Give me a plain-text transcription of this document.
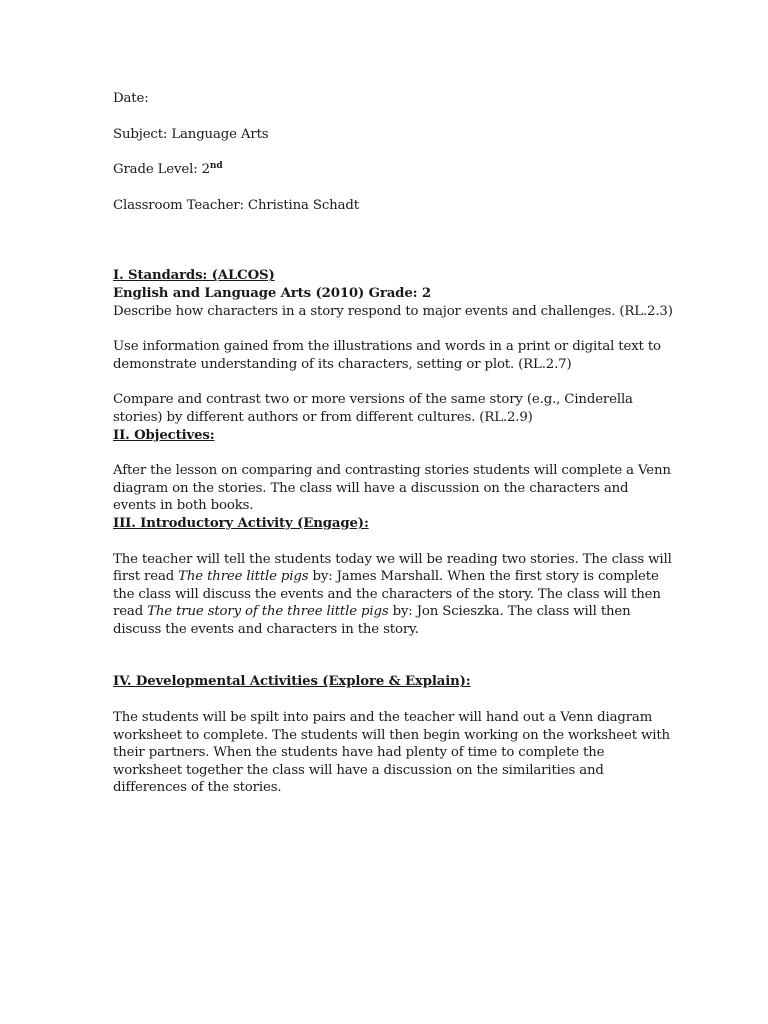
Date:

Subject: Language Arts

Grade Level: 2nd

Classroom Teacher: Christina Schadt

I. Standards: (ALCOS)

English and Language Arts (2010) Grade: 2

Describe how characters in a story respond to major events and challenges. (RL.2.3)

Use information gained from the illustrations and words in a print or digital text to demonstrate understanding of its characters, setting or plot. (RL.2.7)

Compare and contrast two or more versions of the same story (e.g., Cinderella stories) by different authors or from different cultures. (RL.2.9)

II. Objectives:

After the lesson on comparing and contrasting stories students will complete a Venn diagram on the stories. The class will have a discussion on the characters and events in both books.

III. Introductory Activity (Engage):

The teacher will tell the students today we will be reading two stories. The class will first read The three little pigs by: James Marshall. When the first story is complete the class will discuss the events and the characters of the story. The class will then read The true story of the three little pigs by: Jon Scieszka. The class will then discuss the events and characters in the story.

IV. Developmental Activities (Explore & Explain):

The students will be spilt into pairs and the teacher will hand out a Venn diagram worksheet to complete. The students will then begin working on the worksheet with their partners. When the students have had plenty of time to complete the worksheet together the class will have a discussion on the similarities and differences of the stories.
